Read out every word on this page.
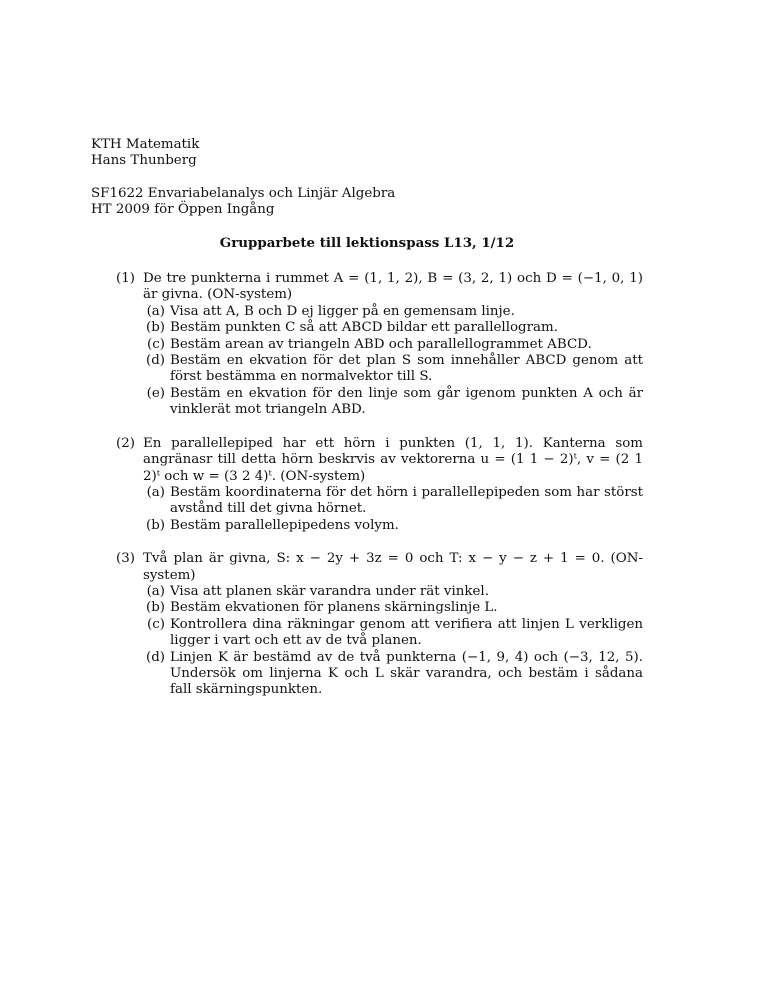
KTH Matematik
Hans Thunberg
SF1622 Envariabelanalys och Linjär Algebra
HT 2009 för Öppen Ingång
Grupparbete till lektionspass L13, 1/12
(1) De tre punkterna i rummet A = (1, 1, 2), B = (3, 2, 1) och D = (−1, 0, 1) är givna. (ON-system)
(a) Visa att A, B och D ej ligger på en gemensam linje.
(b) Bestäm punkten C så att ABCD bildar ett parallellogram.
(c) Bestäm arean av triangeln ABD och parallellogrammet ABCD.
(d) Bestäm en ekvation för det plan S som innehåller ABCD genom att först bestämma en normalvektor till S.
(e) Bestäm en ekvation för den linje som går igenom punkten A och är vinklerät mot triangeln ABD.
(2) En parallellepiped har ett hörn i punkten (1, 1, 1). Kanterna som angränasr till detta hörn beskrvis av vektorerna u = (1 1 − 2)ᵗ, v = (2 1 2)ᵗ och w = (3 2 4)ᵗ. (ON-system)
(a) Bestäm koordinaterna för det hörn i parallellepipeden som har störst avstånd till det givna hörnet.
(b) Bestäm parallellepipedens volym.
(3) Två plan är givna, S: x − 2y + 3z = 0 och T: x − y − z + 1 = 0. (ON-system)
(a) Visa att planen skär varandra under rät vinkel.
(b) Bestäm ekvationen för planens skärningslinje L.
(c) Kontrollera dina räkningar genom att verifiera att linjen L verkligen ligger i vart och ett av de två planen.
(d) Linjen K är bestämd av de två punkterna (−1, 9, 4) och (−3, 12, 5). Undersök om linjerna K och L skär varandra, och bestäm i sådana fall skärningspunkten.
